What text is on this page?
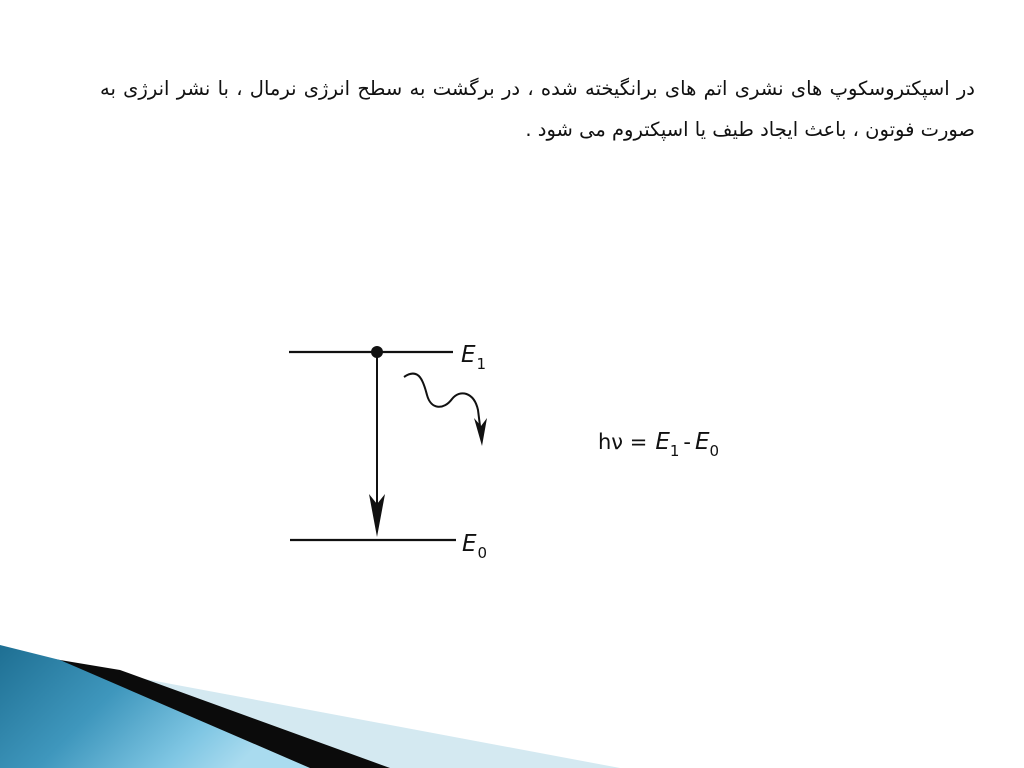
در اسپکتروسکوپ های نشری اتم های برانگیخته شده ، در برگشت به سطح انرژی نرمال ، با نشر انرژی به صورت فوتون ، باعث ایجاد طیف یا اسپکتروم می شود .
$E_1$
$E_0$
$h\nu = E_1 - E_0$
